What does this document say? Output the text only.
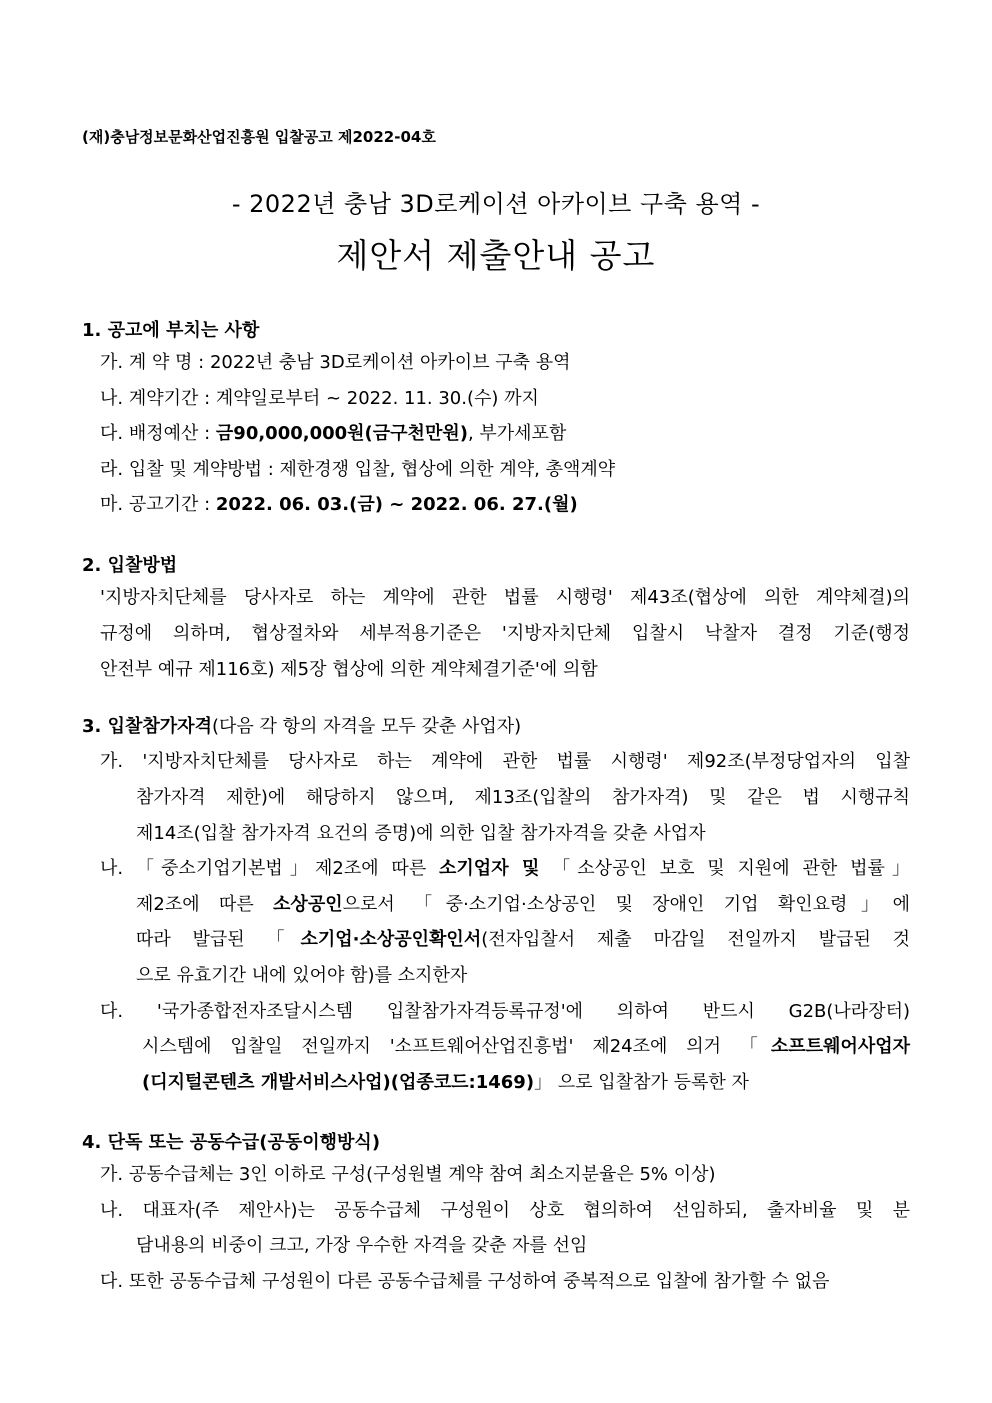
(재)충남정보문화산업진흥원 입찰공고 제2022-04호
- 2022년 충남 3D로케이션 아카이브 구축 용역 -
제안서 제출안내 공고
1. 공고에 부치는 사항
가. 계 약 명 : 2022년 충남 3D로케이션 아카이브 구축 용역
나. 계약기간 : 계약일로부터 ~ 2022. 11. 30.(수) 까지
다. 배정예산 : 금90,000,000원(금구천만원), 부가세포함
라. 입찰 및 계약방법 : 제한경쟁 입찰, 협상에 의한 계약, 총액계약
마. 공고기간 : 2022. 06. 03.(금) ~ 2022. 06. 27.(월)
2. 입찰방법
'지방자치단체를 당사자로 하는 계약에 관한 법률 시행령' 제43조(협상에 의한 계약체결)의
규정에 의하며, 협상절차와 세부적용기준은 '지방자치단체 입찰시 낙찰자 결정 기준(행정
안전부 예규 제116호) 제5장 협상에 의한 계약체결기준'에 의함
3. 입찰참가자격(다음 각 항의 자격을 모두 갖춘 사업자)
가. '지방자치단체를 당사자로 하는 계약에 관한 법률 시행령' 제92조(부정당업자의 입찰
참가자격 제한)에 해당하지 않으며, 제13조(입찰의 참가자격) 및 같은 법 시행규칙
제14조(입찰 참가자격 요건의 증명)에 의한 입찰 참가자격을 갖춘 사업자
나. 「중소기업기본법」제2조에 따른 소기업자 및 「소상공인 보호 및 지원에 관한 법률」
제2조에 따른 소상공인으로서 「중·소기업·소상공인 및 장애인 기업 확인요령」에
따라 발급된 「소기업·소상공인확인서(전자입찰서 제출 마감일 전일까지 발급된 것
으로 유효기간 내에 있어야 함)를 소지한자
다. '국가종합전자조달시스템 입찰참가자격등록규정'에 의하여 반드시 G2B(나라장터)
시스템에 입찰일 전일까지 '소프트웨어산업진흥법' 제24조에 의거 「소프트웨어사업자
(디지털콘텐츠 개발서비스사업)(업종코드:1469)」 으로 입찰참가 등록한 자
4. 단독 또는 공동수급(공동이행방식)
가. 공동수급체는 3인 이하로 구성(구성원별 계약 참여 최소지분율은 5% 이상)
나. 대표자(주 제안사)는 공동수급체 구성원이 상호 협의하여 선임하되, 출자비율 및 분
담내용의 비중이 크고, 가장 우수한 자격을 갖춘 자를 선임
다. 또한 공동수급체 구성원이 다른 공동수급체를 구성하여 중복적으로 입찰에 참가할 수 없음
